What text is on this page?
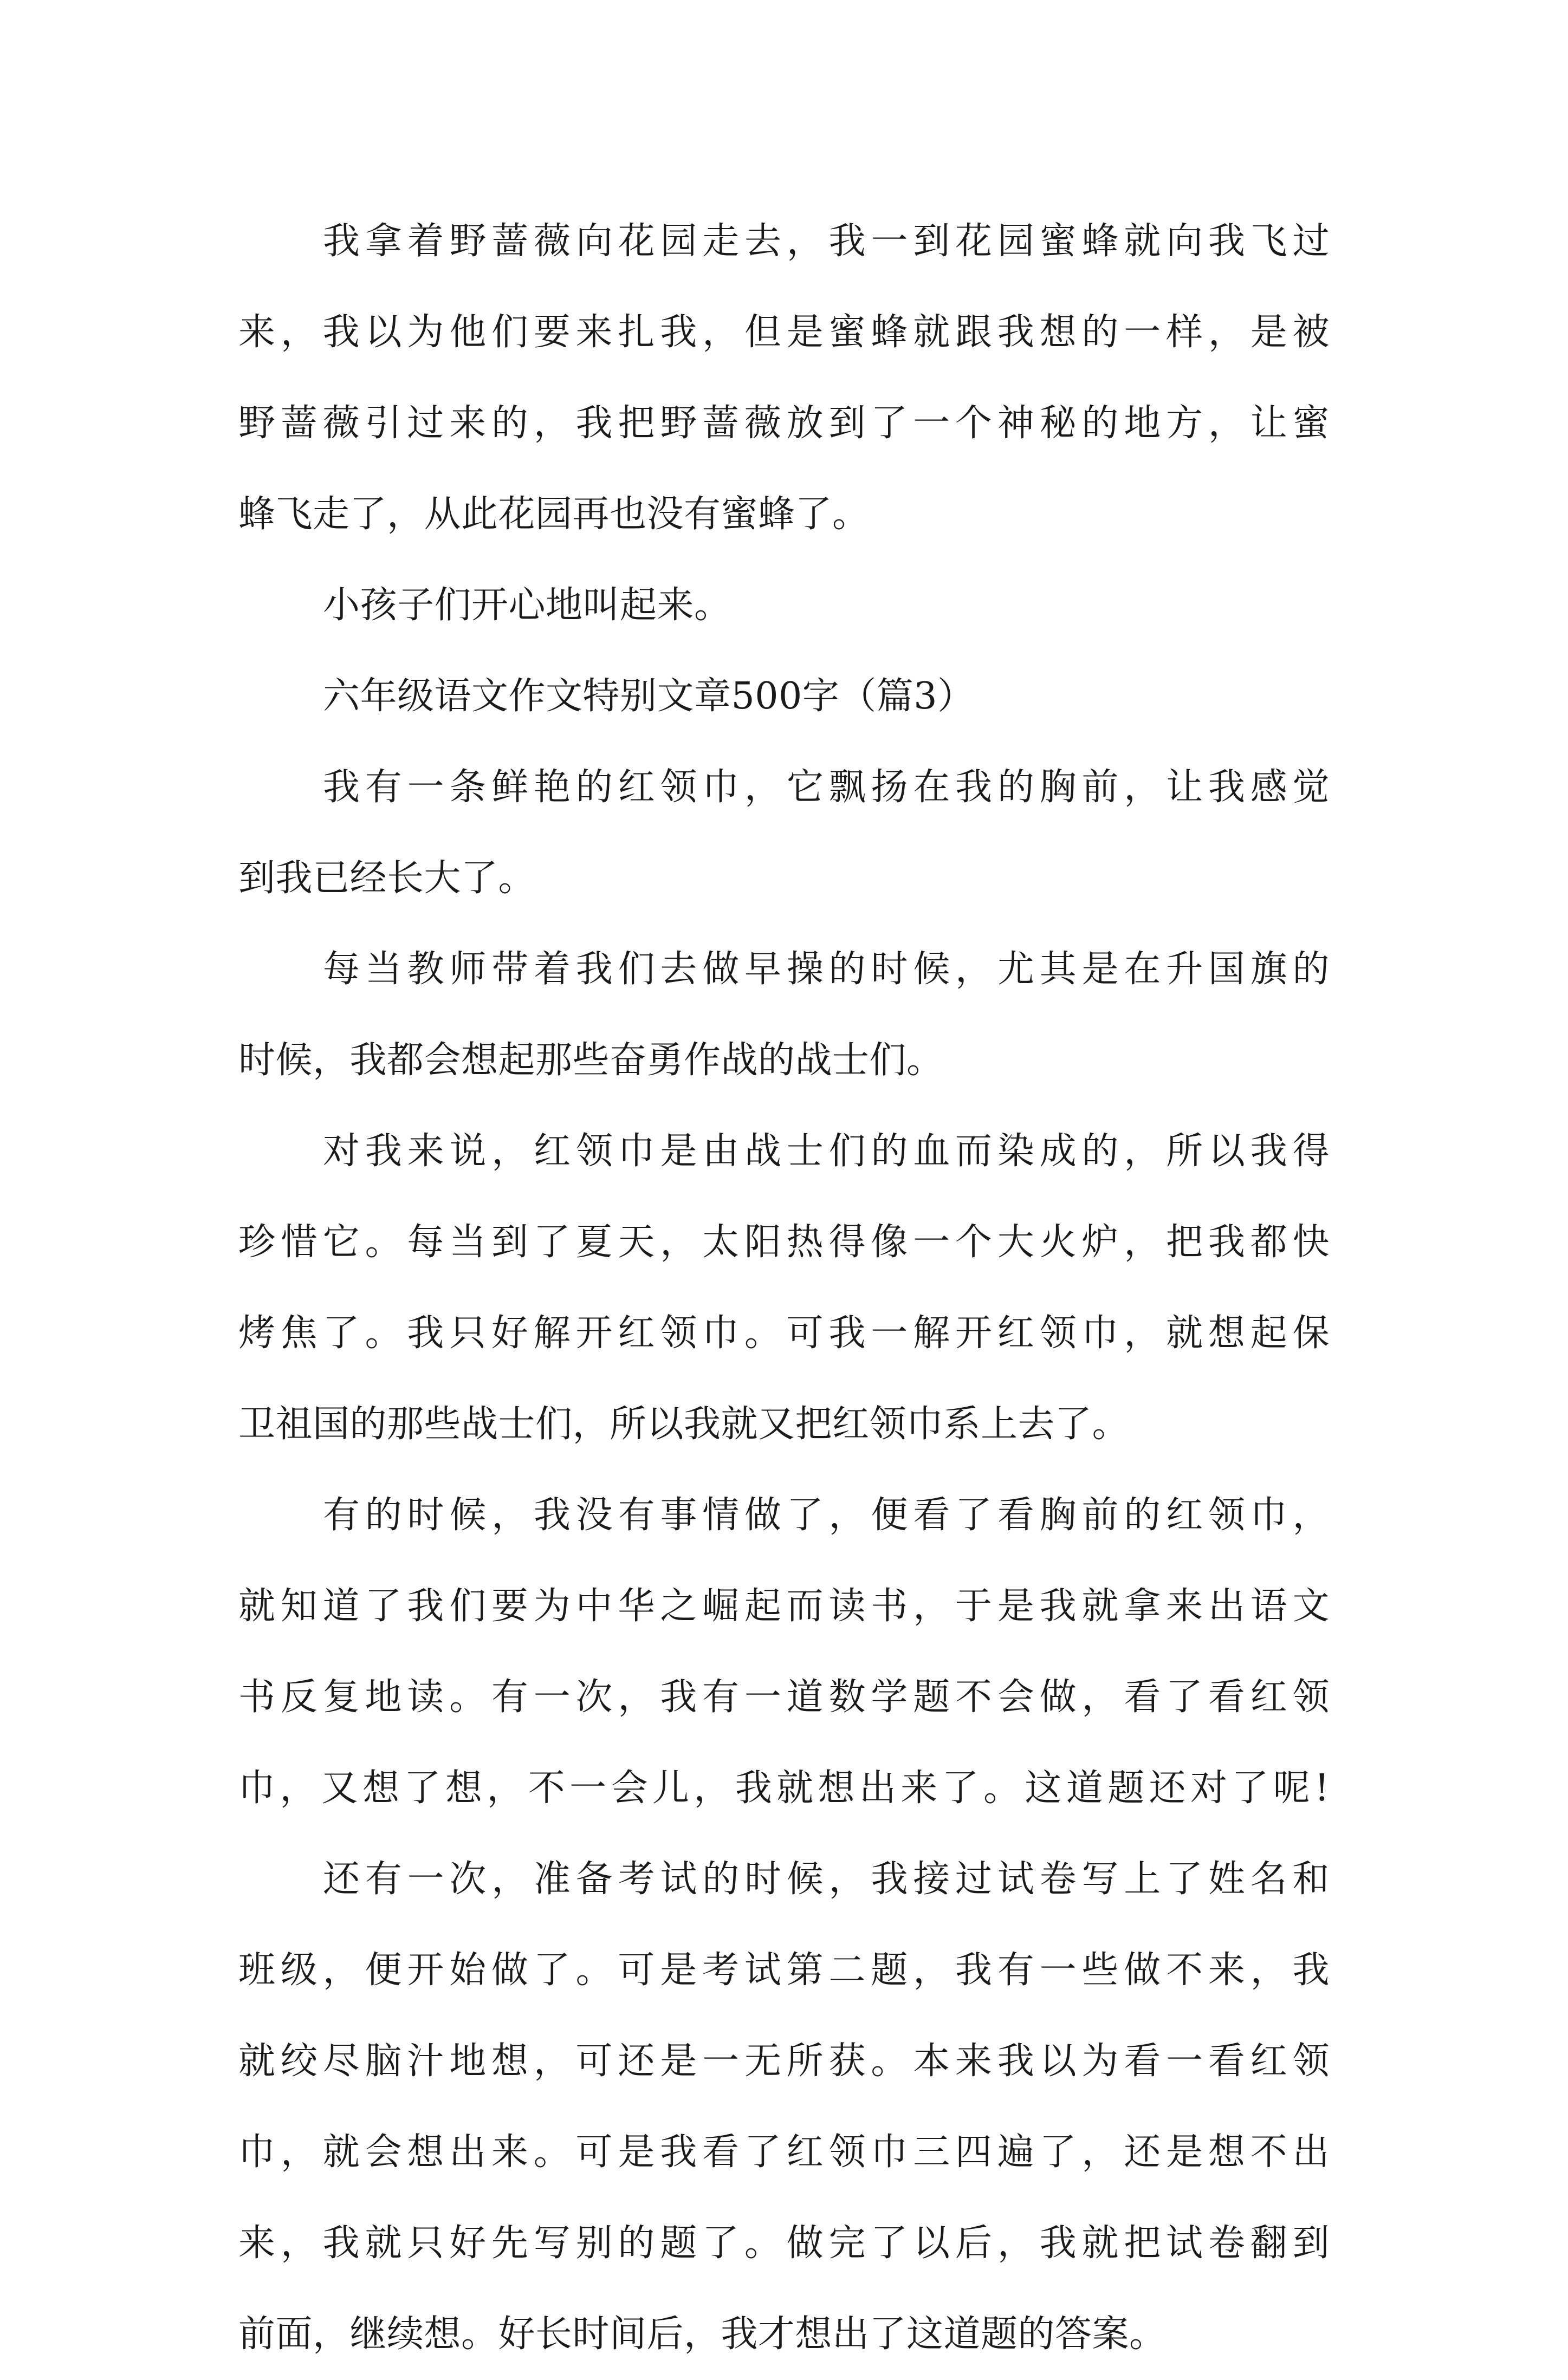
我拿着野蔷薇向花园走去，我一到花园蜜蜂就向我飞过
来，我以为他们要来扎我，但是蜜蜂就跟我想的一样，是被
野蔷薇引过来的，我把野蔷薇放到了一个神秘的地方，让蜜
蜂飞走了，从此花园再也没有蜜蜂了。
小孩子们开心地叫起来。
六年级语文作文特别文章500字（篇3）
我有一条鲜艳的红领巾，它飘扬在我的胸前，让我感觉
到我已经长大了。
每当教师带着我们去做早操的时候，尤其是在升国旗的
时候，我都会想起那些奋勇作战的战士们。
对我来说，红领巾是由战士们的血而染成的，所以我得
珍惜它。每当到了夏天，太阳热得像一个大火炉，把我都快
烤焦了。我只好解开红领巾。可我一解开红领巾，就想起保
卫祖国的那些战士们，所以我就又把红领巾系上去了。
有的时候，我没有事情做了，便看了看胸前的红领巾，
就知道了我们要为中华之崛起而读书，于是我就拿来出语文
书反复地读。有一次，我有一道数学题不会做，看了看红领
巾，又想了想，不一会儿，我就想出来了。这道题还对了呢!
还有一次，准备考试的时候，我接过试卷写上了姓名和
班级，便开始做了。可是考试第二题，我有一些做不来，我
就绞尽脑汁地想，可还是一无所获。本来我以为看一看红领
巾，就会想出来。可是我看了红领巾三四遍了，还是想不出
来，我就只好先写别的题了。做完了以后，我就把试卷翻到
前面，继续想。好长时间后，我才想出了这道题的答案。
